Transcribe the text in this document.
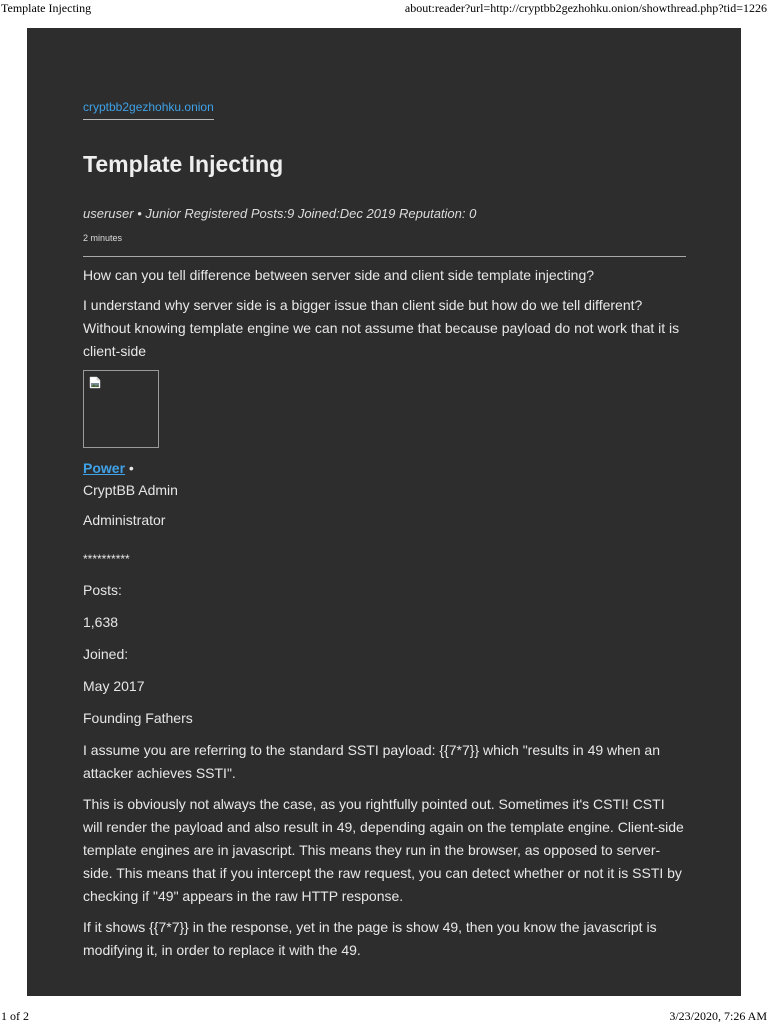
Template Injecting	about:reader?url=http://cryptbb2gezhohku.onion/showthread.php?tid=1226
cryptbb2gezhohku.onion
Template Injecting
useruser • Junior Registered Posts:9 Joined:Dec 2019 Reputation: 0
2 minutes

How can you tell difference between server side and client side template injecting?

I understand why server side is a bigger issue than client side but how do we tell different? Without knowing template engine we can not assume that because payload do not work that it is client-side

Power •
CryptBB Admin
Administrator
**********
Posts:
1,638
Joined:
May 2017
Founding Fathers

I assume you are referring to the standard SSTI payload: {{7*7}} which "results in 49 when an attacker achieves SSTI".

This is obviously not always the case, as you rightfully pointed out. Sometimes it's CSTI! CSTI will render the payload and also result in 49, depending again on the template engine. Client-side template engines are in javascript. This means they run in the browser, as opposed to server-side. This means that if you intercept the raw request, you can detect whether or not it is SSTI by checking if "49" appears in the raw HTTP response.

If it shows {{7*7}} in the response, yet in the page is show 49, then you know the javascript is modifying it, in order to replace it with the 49.

1 of 2	3/23/2020, 7:26 AM
